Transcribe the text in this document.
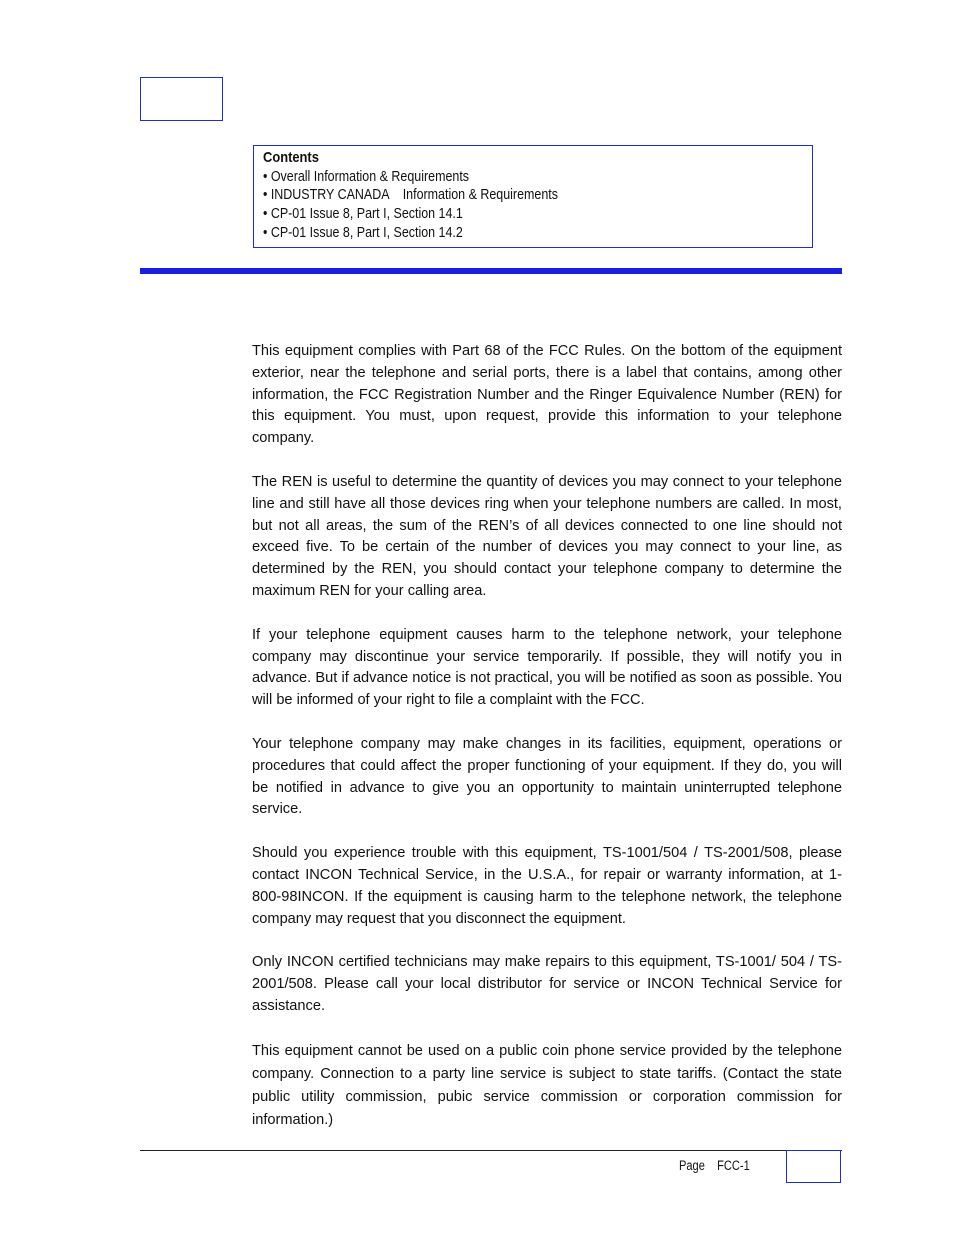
Contents
• Overall Information & Requirements
• INDUSTRY CANADA    Information & Requirements
• CP-01 Issue 8, Part I, Section 14.1
• CP-01 Issue 8, Part I, Section 14.2

This equipment complies with Part 68 of the FCC Rules. On the bottom of the equipment exterior, near the telephone and serial ports, there is a label that contains, among other information, the FCC Registration Number and the Ringer Equivalence Number (REN) for this equipment. You must, upon request, provide this information to your telephone company.

The REN is useful to determine the quantity of devices you may connect to your telephone line and still have all those devices ring when your telephone numbers are called. In most, but not all areas, the sum of the REN’s of all devices connected to one line should not exceed five. To be certain of the number of devices you may connect to your line, as determined by the REN, you should contact your telephone company to determine the maximum REN for your calling area.

If your telephone equipment causes harm to the telephone network, your telephone company may discontinue your service temporarily. If possible, they will notify you in advance. But if advance notice is not practical, you will be notified as soon as possible. You will be informed of your right to file a complaint with the FCC.

Your telephone company may make changes in its facilities, equipment, operations or procedures that could affect the proper functioning of your equipment. If they do, you will be notified in advance to give you an opportunity to maintain uninterrupted telephone service.

Should you experience trouble with this equipment, TS-1001/504 / TS-2001/508, please contact INCON Technical Service, in the U.S.A., for repair or warranty information, at 1-800-98INCON. If the equipment is causing harm to the telephone network, the telephone company may request that you disconnect the equipment.

Only INCON certified technicians may make repairs to this equipment, TS-1001/ 504 / TS-2001/508. Please call your local distributor for service or INCON Technical Service for assistance.

This equipment cannot be used on a public coin phone service provided by the telephone company. Connection to a party line service is subject to state tariffs. (Contact the state public utility commission, pubic service commission or corporation commission for information.)

Page    FCC-1
